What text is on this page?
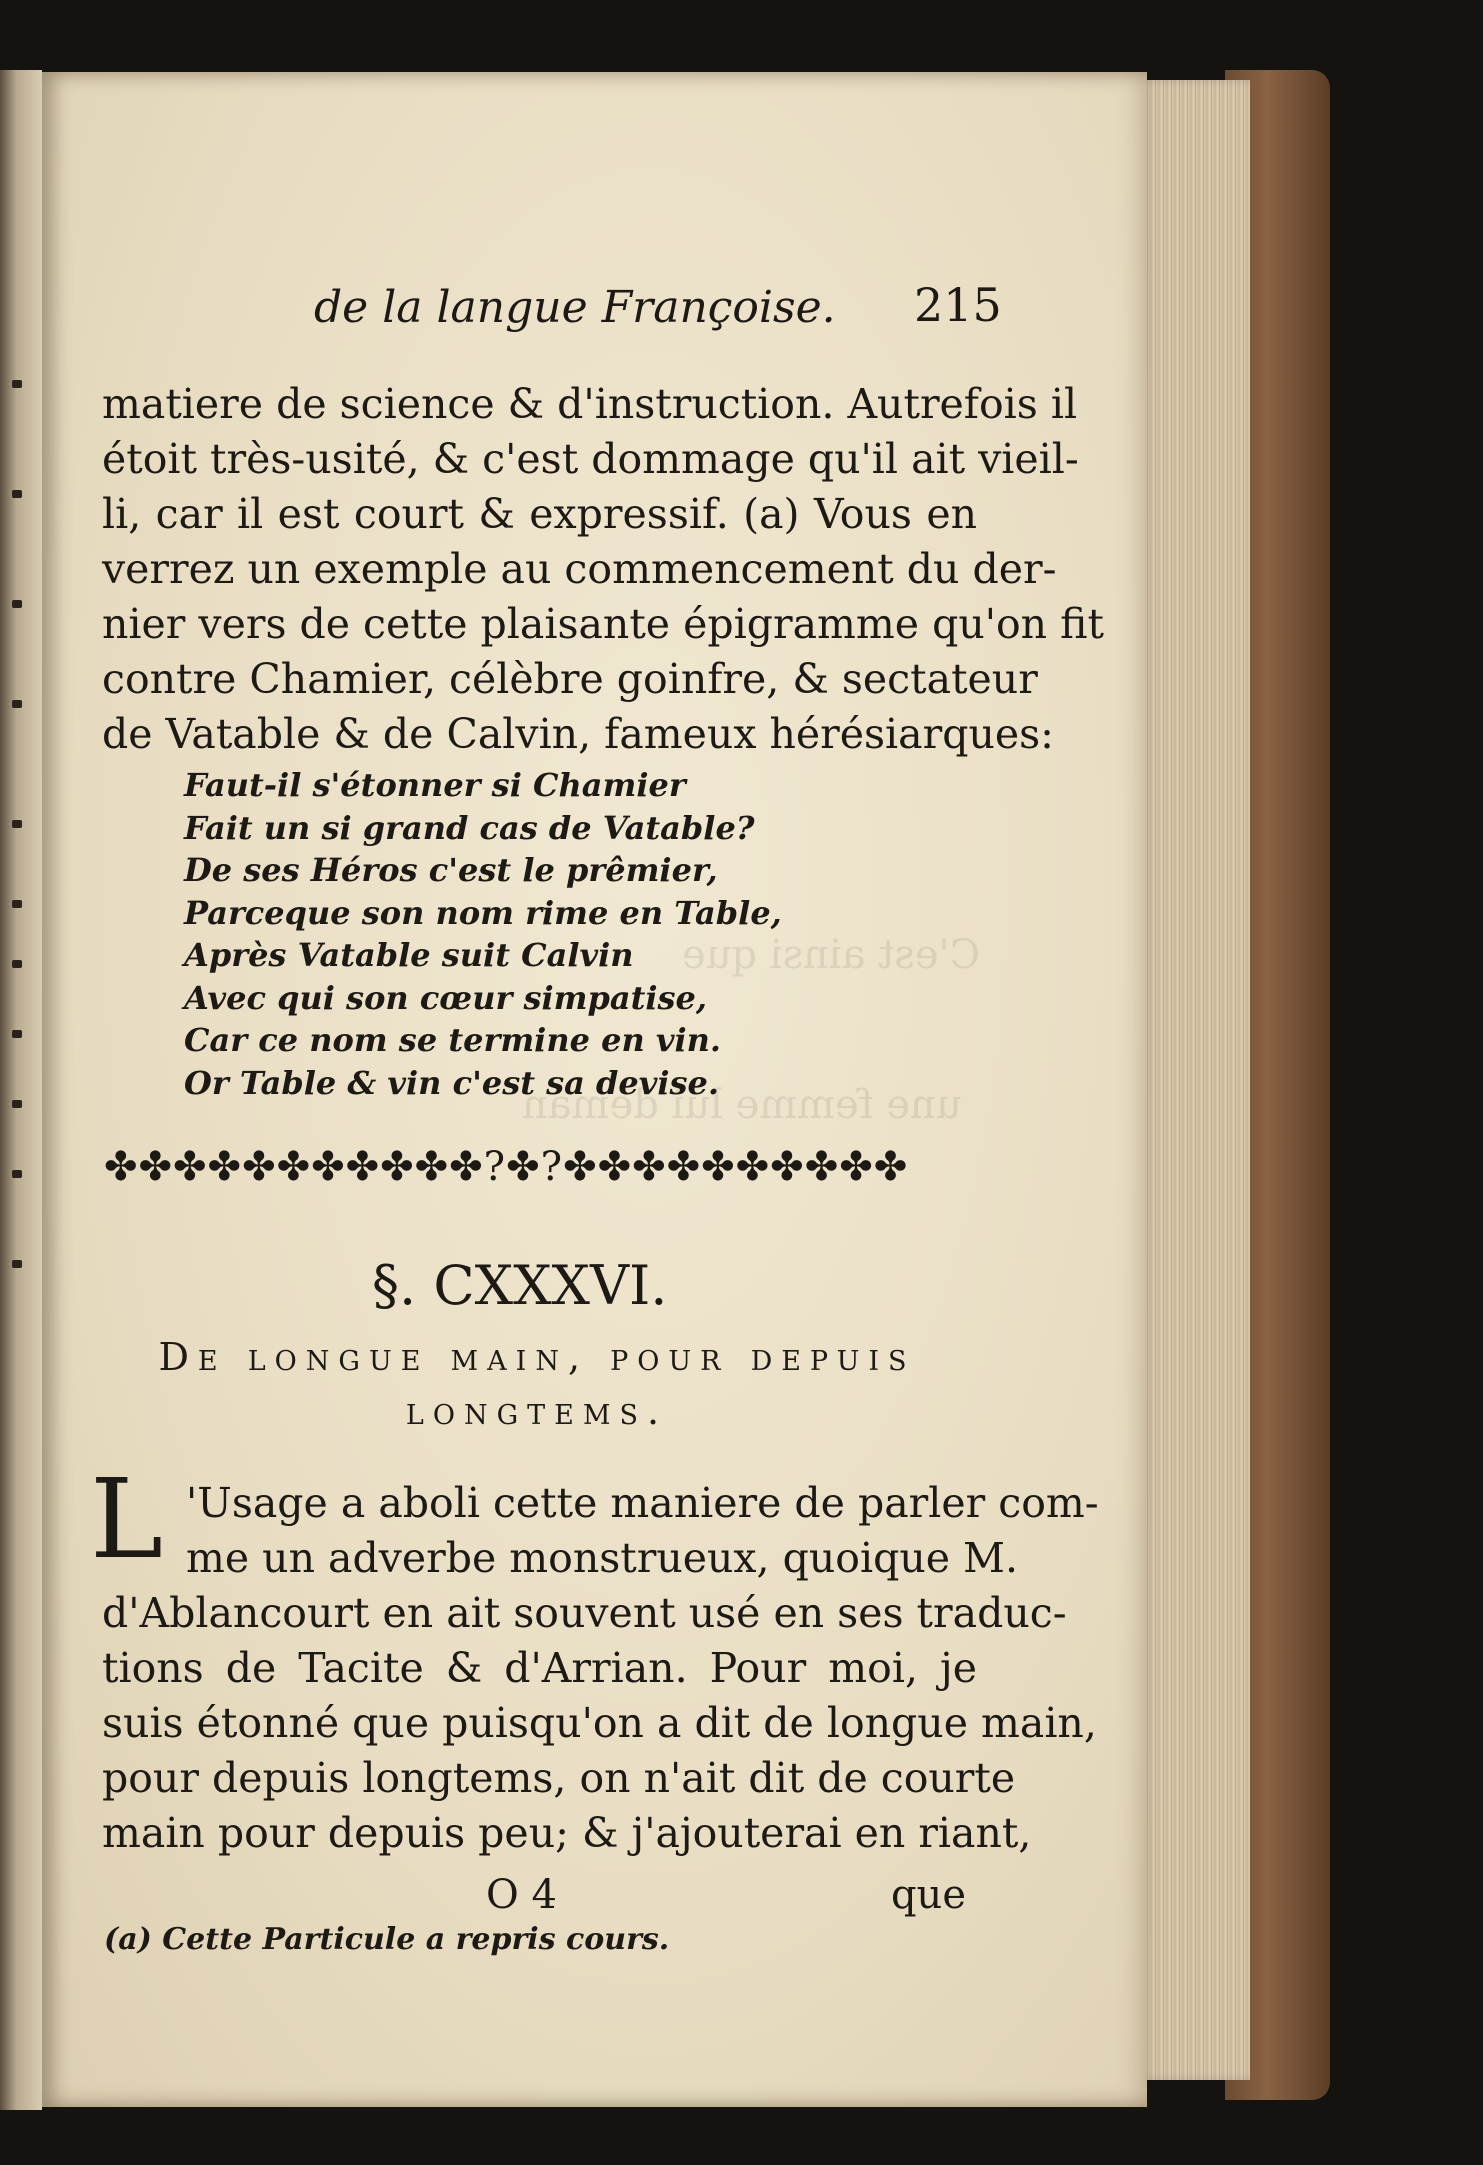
C'est ainsi que
une femme lui deman
de la langue Françoise. 215
matiere de science & d'instruction. Autrefois il
étoit très-usité, & c'est dommage qu'il ait vieil-
li, car il est court & expressif. (a) Vous en
verrez un exemple au commencement du der-
nier vers de cette plaisante épigramme qu'on fit
contre Chamier, célèbre goinfre, & sectateur
de Vatable & de Calvin, fameux hérésiarques:
Faut-il s'étonner si Chamier
Fait un si grand cas de Vatable?
De ses Héros c'est le prêmier,
Parceque son nom rime en Table,
Après Vatable suit Calvin
Avec qui son cœur simpatise,
Car ce nom se termine en vin.
Or Table & vin c'est sa devise.
✤✤✤✤✤✤✤✤✤✤✤?✤?✤✤✤✤✤✤✤✤✤✤
§. CXXXVI.
De longue main, pour depuis longtems.
L 'Usage a aboli cette maniere de parler com-
me un adverbe monstrueux, quoique M.
d'Ablancourt en ait souvent usé en ses traduc-
tions de Tacite & d'Arrian. Pour moi, je
suis étonné que puisqu'on a dit de longue main,
pour depuis longtems, on n'ait dit de courte
main pour depuis peu; & j'ajouterai en riant,
O 4	que
(a) Cette Particule a repris cours.
